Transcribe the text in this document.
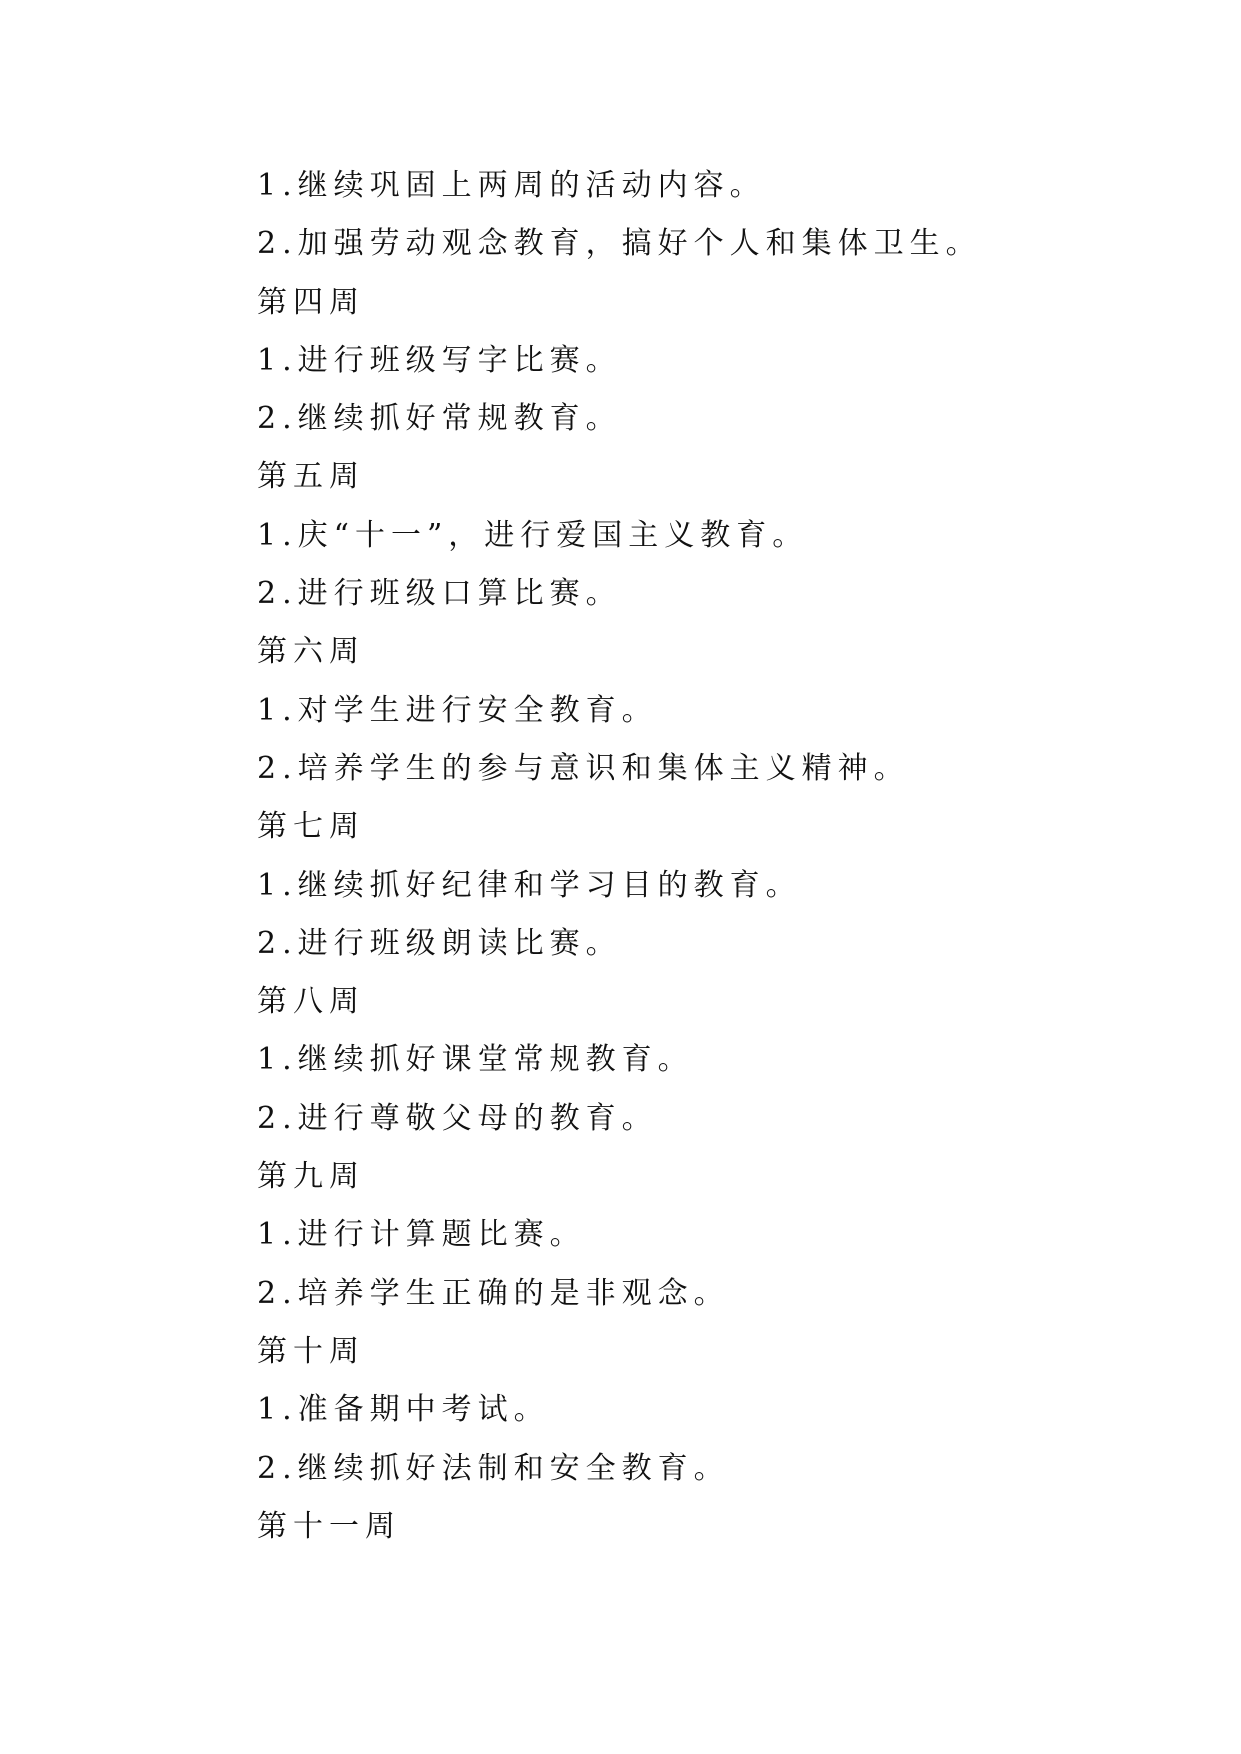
1.继续巩固上两周的活动内容。
2.加强劳动观念教育，搞好个人和集体卫生。
第四周
1.进行班级写字比赛。
2.继续抓好常规教育。
第五周
1.庆“十一”，进行爱国主义教育。
2.进行班级口算比赛。
第六周
1.对学生进行安全教育。
2.培养学生的参与意识和集体主义精神。
第七周
1.继续抓好纪律和学习目的教育。
2.进行班级朗读比赛。
第八周
1.继续抓好课堂常规教育。
2.进行尊敬父母的教育。
第九周
1.进行计算题比赛。
2.培养学生正确的是非观念。
第十周
1.准备期中考试。
2.继续抓好法制和安全教育。
第十一周
